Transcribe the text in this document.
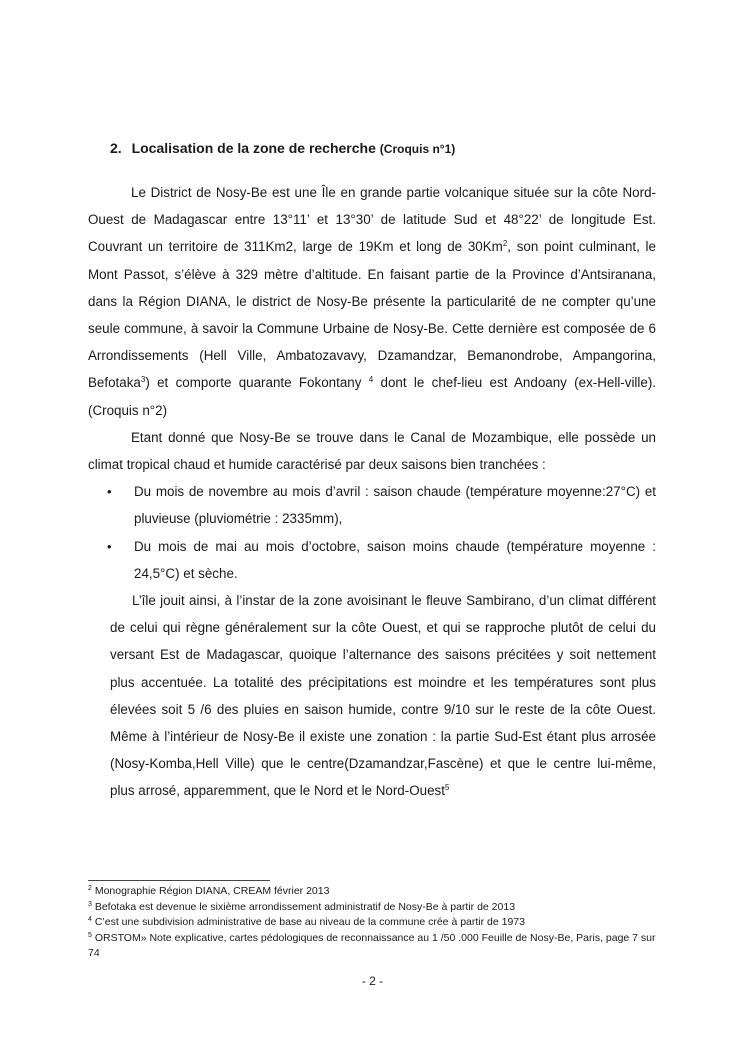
2. Localisation de la zone de recherche (Croquis n°1)

Le District de Nosy-Be est une Île en grande partie volcanique située sur la côte Nord-Ouest de Madagascar entre 13°11’ et 13°30’ de latitude Sud et 48°22’ de longitude Est. Couvrant un territoire de 311Km2, large de 19Km et long de 30Km$^2$, son point culminant, le Mont Passot, s’élève à 329 mètre d’altitude. En faisant partie de la Province d’Antsiranana, dans la Région DIANA, le district de Nosy-Be présente la particularité de ne compter qu’une seule commune, à savoir la Commune Urbaine de Nosy-Be. Cette dernière est composée de 6 Arrondissements (Hell Ville, Ambatozavavy, Dzamandzar, Bemanondrobe, Ampangorina, Befotaka$^3$) et comporte quarante Fokontany $^4$ dont le chef-lieu est Andoany (ex-Hell-ville). (Croquis n°2)

Etant donné que Nosy-Be se trouve dans le Canal de Mozambique, elle possède un climat tropical chaud et humide caractérisé par deux saisons bien tranchées :

• Du mois de novembre au mois d’avril : saison chaude (température moyenne:27°C) et pluvieuse (pluviométrie : 2335mm),
• Du mois de mai au mois d’octobre, saison moins chaude (température moyenne : 24,5°C) et sèche.

L’île jouit ainsi, à l’instar de la zone avoisinant le fleuve Sambirano, d’un climat différent de celui qui règne généralement sur la côte Ouest, et qui se rapproche plutôt de celui du versant Est de Madagascar, quoique l’alternance des saisons précitées y soit nettement plus accentuée. La totalité des précipitations est moindre et les températures sont plus élevées soit 5 /6 des pluies en saison humide, contre 9/10 sur le reste de la côte Ouest. Même à l’intérieur de Nosy-Be il existe une zonation : la partie Sud-Est étant plus arrosée (Nosy-Komba,Hell Ville) que le centre(Dzamandzar,Fascène) et que le centre lui-même, plus arrosé, apparemment, que le Nord et le Nord-Ouest$^5$

$^2$ Monographie Région DIANA, CREAM février 2013
$^3$ Befotaka est devenue le sixième arrondissement administratif de Nosy-Be à partir de 2013
$^4$ C’est une subdivision administrative de base au niveau de la commune crée à partir de 1973
$^5$ ORSTOM» Note explicative, cartes pédologiques de reconnaissance au 1 /50 .000 Feuille de Nosy-Be, Paris, page 7 sur 74
- 2 -
